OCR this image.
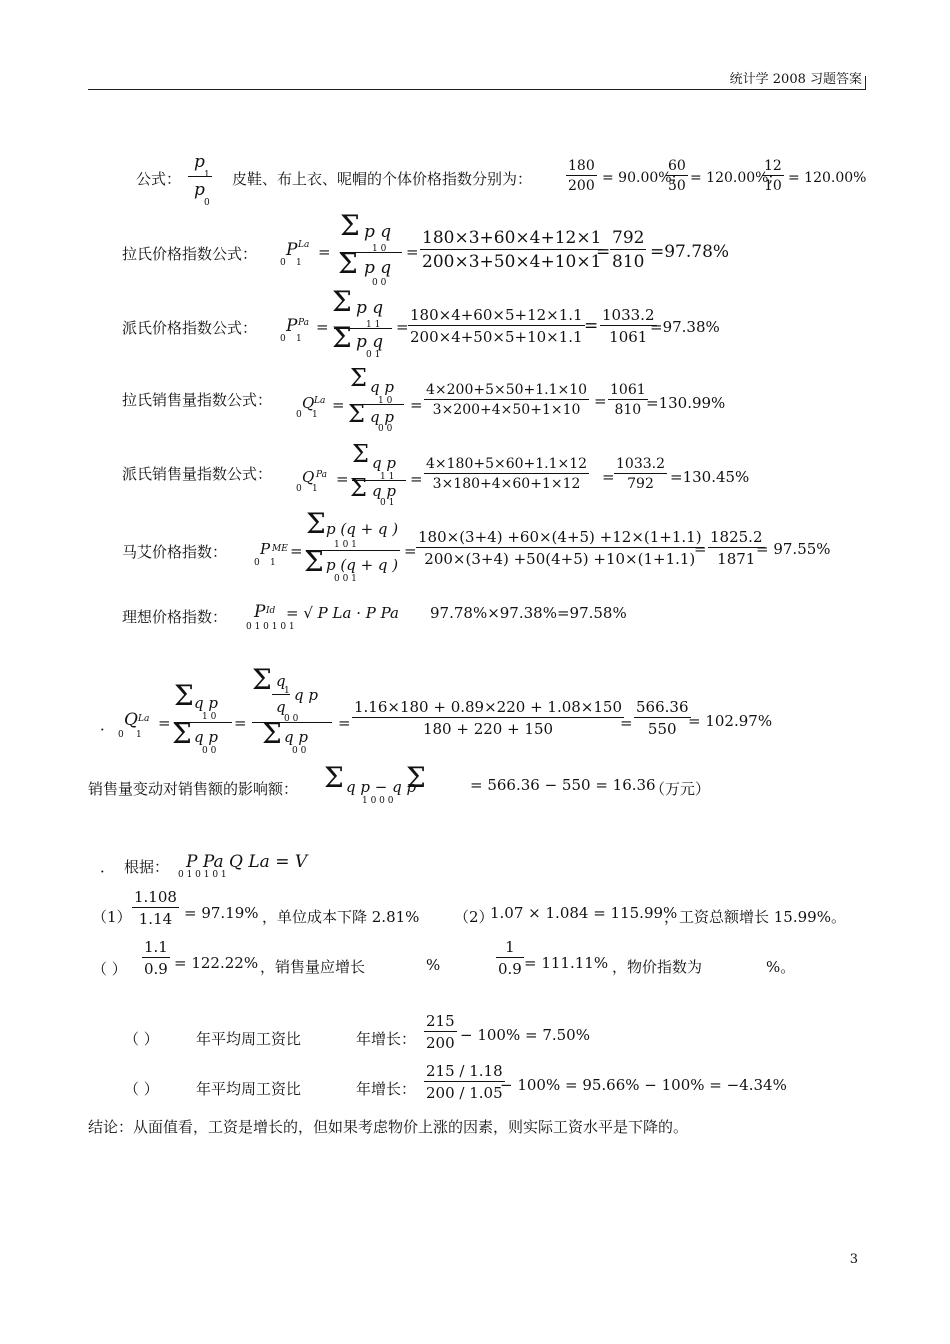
统计学 2008 习题答案
公式：
p
1
p
0
皮鞋、布上衣、呢帽的个体价格指数分别为： $\frac{180}{200} = 90.00\%$;
$\frac{60}{50} = 120.00\%$;
$\frac{12}{10} = 120.00\%$
拉氏价格指数公式： P La
0 1
=
Σ p q
1 0
Σ p q
0 0
= $\frac{180\times 3+60\times 4+12\times 1}{200\times 3+50\times 4+10\times 1}$
= $\frac{792}{810} =97.78\%$
派氏价格指数公式： P Pa
0 1
=
Σ p q
1 1
Σ p q
0 1
= $\frac{180\times 4+60\times 5+12\times 1.1}{200\times 4+50\times 5+10\times 1.1} = \frac{1033.2}{1061}$
=97.38%
拉氏销售量指数公式： Q La
0 1
=
Σ q p
1 0
Σ q p
0 0
= $\frac{4\times 200+5\times 50+1.1\times 10}{3\times 200+4\times 50+1\times 10} = \frac{1061}{810}$
=130.99%
派氏销售量指数公式： Q Pa
0 1
=
Σ q p
1 1
Σ q p
0 1
= $\frac{4\times 180+5\times 60+1.1\times 12}{3\times 180+4\times 60+1\times 12} = \frac{1033.2}{792} =130.45\%$
马艾价格指数： P ME
0 1
=
Σ p (q + q )
1 0 1
Σ p (q + q )
0 0 1
= $\frac{180\times(3+4) +60\times(4+5) +12\times(1+1.1)}{200\times(3+4) +50(4+5) +10\times(1+1.1)}$
= $\frac{1825.2}{1871}$
= 97.55%
理想价格指数： P Id = √ P La · P Pa
0 1 0 1 0 1
97.78%×97.38%=97.58%
． Q La
0 1
=
Σ q p
1 0
Σ q p
0 0
=
Σ q
1
q
q p
0 0
Σ q p
0 0
= $\frac{1.16\times 180 + 0.89\times 220 + 1.08\times 150}{180 + 220 + 150}$
= $\frac{566.36}{550}$
= 102.97%
销售量变动对销售额的影响额： Σ Σ
q p − q p
1 0 0 0
= 566.36 − 550 = 16.36
（万元）
． 根据： P Pa Q La = V
0 1 0 1 0 1
$(1) \frac{1.108}{1.14} = 97.19\%$ ，单位成本下降 2.81% （2）
1.07 × 1.084 = 115.99%
，工资总额增长 15.99%。
（ ） $\frac{1.1}{0.9} = 122.22\%$ ，销售量应增长	%	$\frac{1}{0.9} = 111.11\%$ ，物价指数为	%。
（ ） 年平均周工资比	年增长： $\frac{215}{200} - 100\% = 7.50\%$
（ ） 年平均周工资比	年增长： $\frac{215 / 1.18}{200 / 1.05}$
− 100% = 95.66% − 100% = −4.34%
结论：从面值看，工资是增长的，但如果考虑物价上涨的因素，则实际工资水平是下降的。
3
